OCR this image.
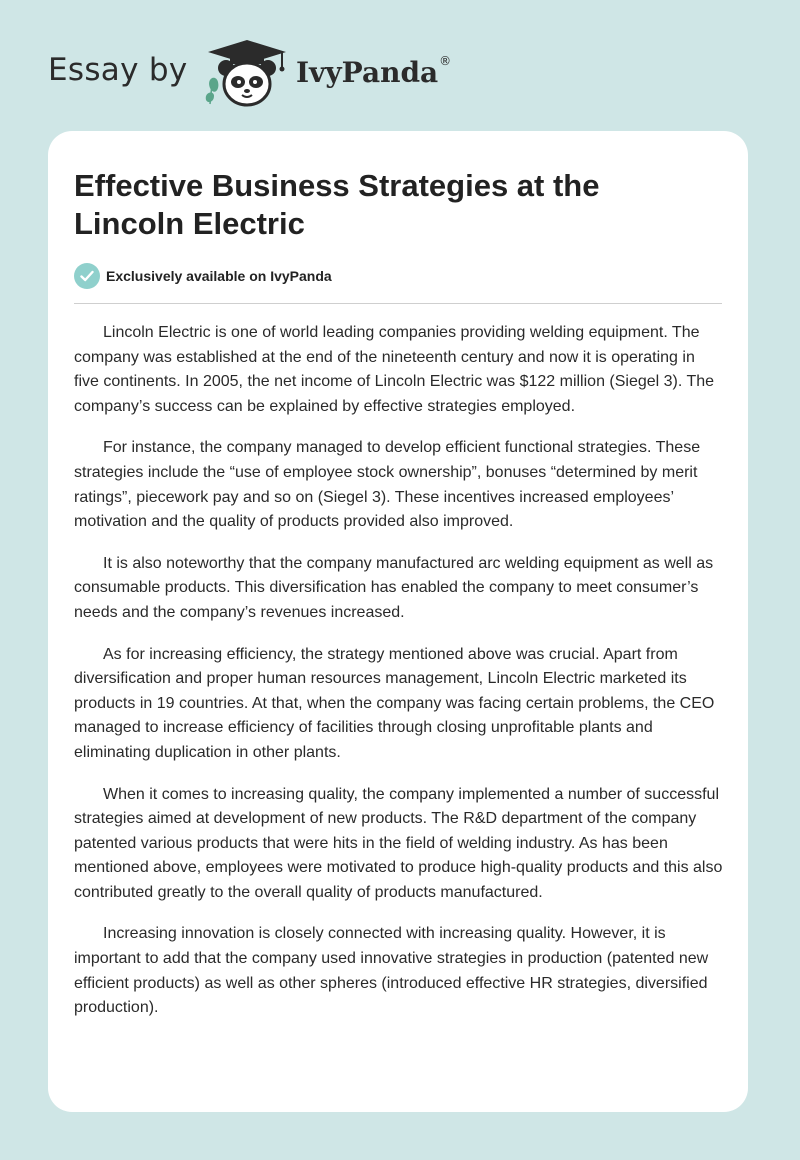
Essay by	IvyPanda®
Effective Business Strategies at the Lincoln Electric
Exclusively available on IvyPanda

Lincoln Electric is one of world leading companies providing welding equipment. The company was established at the end of the nineteenth century and now it is operating in five continents. In 2005, the net income of Lincoln Electric was $122 million (Siegel 3). The company’s success can be explained by effective strategies employed.

For instance, the company managed to develop efficient functional strategies. These strategies include the “use of employee stock ownership”, bonuses “determined by merit ratings”, piecework pay and so on (Siegel 3). These incentives increased employees’ motivation and the quality of products provided also improved.

It is also noteworthy that the company manufactured arc welding equipment as well as consumable products. This diversification has enabled the company to meet consumer’s needs and the company’s revenues increased.

As for increasing efficiency, the strategy mentioned above was crucial. Apart from diversification and proper human resources management, Lincoln Electric marketed its products in 19 countries. At that, when the company was facing certain problems, the CEO managed to increase efficiency of facilities through closing unprofitable plants and eliminating duplication in other plants.

When it comes to increasing quality, the company implemented a number of successful strategies aimed at development of new products. The R&D department of the company patented various products that were hits in the field of welding industry. As has been mentioned above, employees were motivated to produce high-quality products and this also contributed greatly to the overall quality of products manufactured.

Increasing innovation is closely connected with increasing quality. However, it is important to add that the company used innovative strategies in production (patented new efficient products) as well as other spheres (introduced effective HR strategies, diversified production).
